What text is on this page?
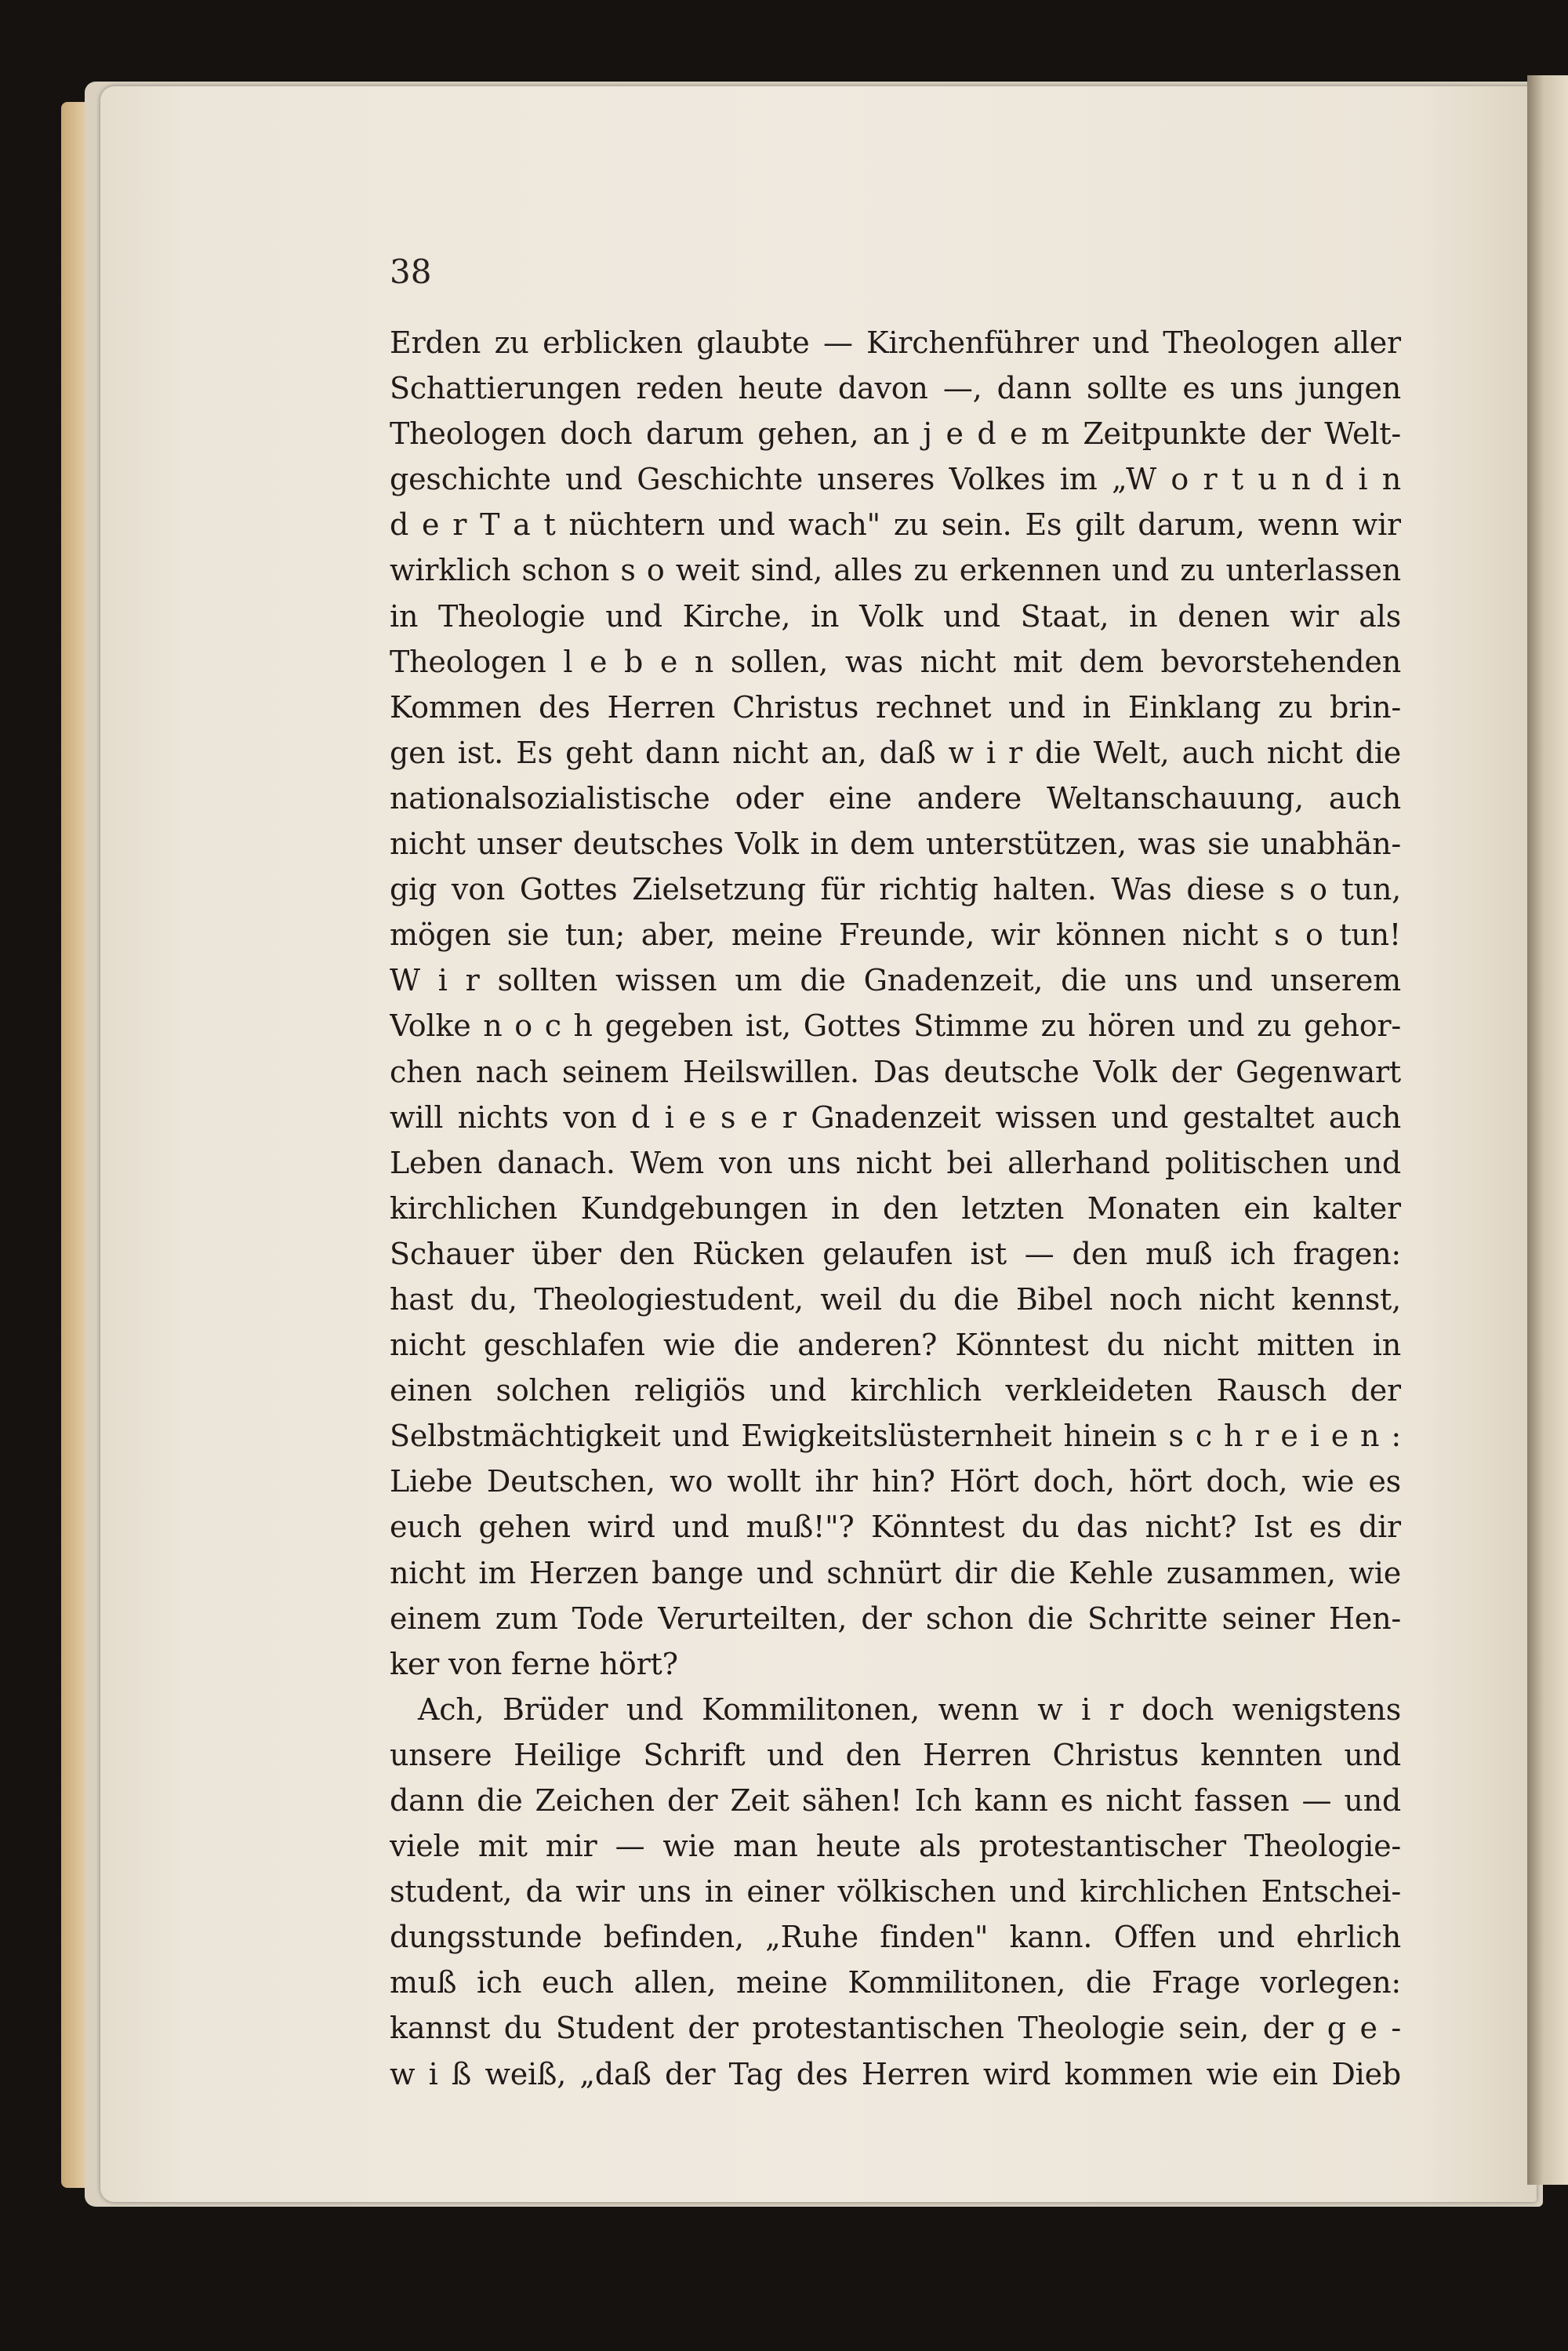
38

Erden zu erblicken glaubte — Kirchenführer und Theologen aller
Schattierungen reden heute davon —, dann sollte es uns jungen
Theologen doch darum gehen, an j e d e m Zeitpunkte der Welt-
geschichte und Geschichte unseres Volkes im „W o r t u n d i n
d e r T a t nüchtern und wach" zu sein. Es gilt darum, wenn wir
wirklich schon s o weit sind, alles zu erkennen und zu unterlassen
in Theologie und Kirche, in Volk und Staat, in denen wir als
Theologen l e b e n sollen, was nicht mit dem bevorstehenden
Kommen des Herren Christus rechnet und in Einklang zu brin-
gen ist. Es geht dann nicht an, daß w i r die Welt, auch nicht die
nationalsozialistische oder eine andere Weltanschauung, auch
nicht unser deutsches Volk in dem unterstützen, was sie unabhän-
gig von Gottes Zielsetzung für richtig halten. Was diese s o tun,
mögen sie tun; aber, meine Freunde, wir können nicht s o tun!
W i r sollten wissen um die Gnadenzeit, die uns und unserem
Volke n o c h gegeben ist, Gottes Stimme zu hören und zu gehor-
chen nach seinem Heilswillen. Das deutsche Volk der Gegenwart
will nichts von d i e s e r Gnadenzeit wissen und gestaltet auch
Leben danach. Wem von uns nicht bei allerhand politischen und
kirchlichen Kundgebungen in den letzten Monaten ein kalter
Schauer über den Rücken gelaufen ist — den muß ich fragen:
hast du, Theologiestudent, weil du die Bibel noch nicht kennst,
nicht geschlafen wie die anderen? Könntest du nicht mitten in
einen solchen religiös und kirchlich verkleideten Rausch der
Selbstmächtigkeit und Ewigkeitslüsternheit hinein s c h r e i e n :
Liebe Deutschen, wo wollt ihr hin? Hört doch, hört doch, wie es
euch gehen wird und muß!"? Könntest du das nicht? Ist es dir
nicht im Herzen bange und schnürt dir die Kehle zusammen, wie
einem zum Tode Verurteilten, der schon die Schritte seiner Hen-
ker von ferne hört?
Ach, Brüder und Kommilitonen, wenn w i r doch wenigstens
unsere Heilige Schrift und den Herren Christus kennten und
dann die Zeichen der Zeit sähen! Ich kann es nicht fassen — und
viele mit mir — wie man heute als protestantischer Theologie-
student, da wir uns in einer völkischen und kirchlichen Entschei-
dungsstunde befinden, „Ruhe finden" kann. Offen und ehrlich
muß ich euch allen, meine Kommilitonen, die Frage vorlegen:
kannst du Student der protestantischen Theologie sein, der g e -
w i ß weiß, „daß der Tag des Herren wird kommen wie ein Dieb
